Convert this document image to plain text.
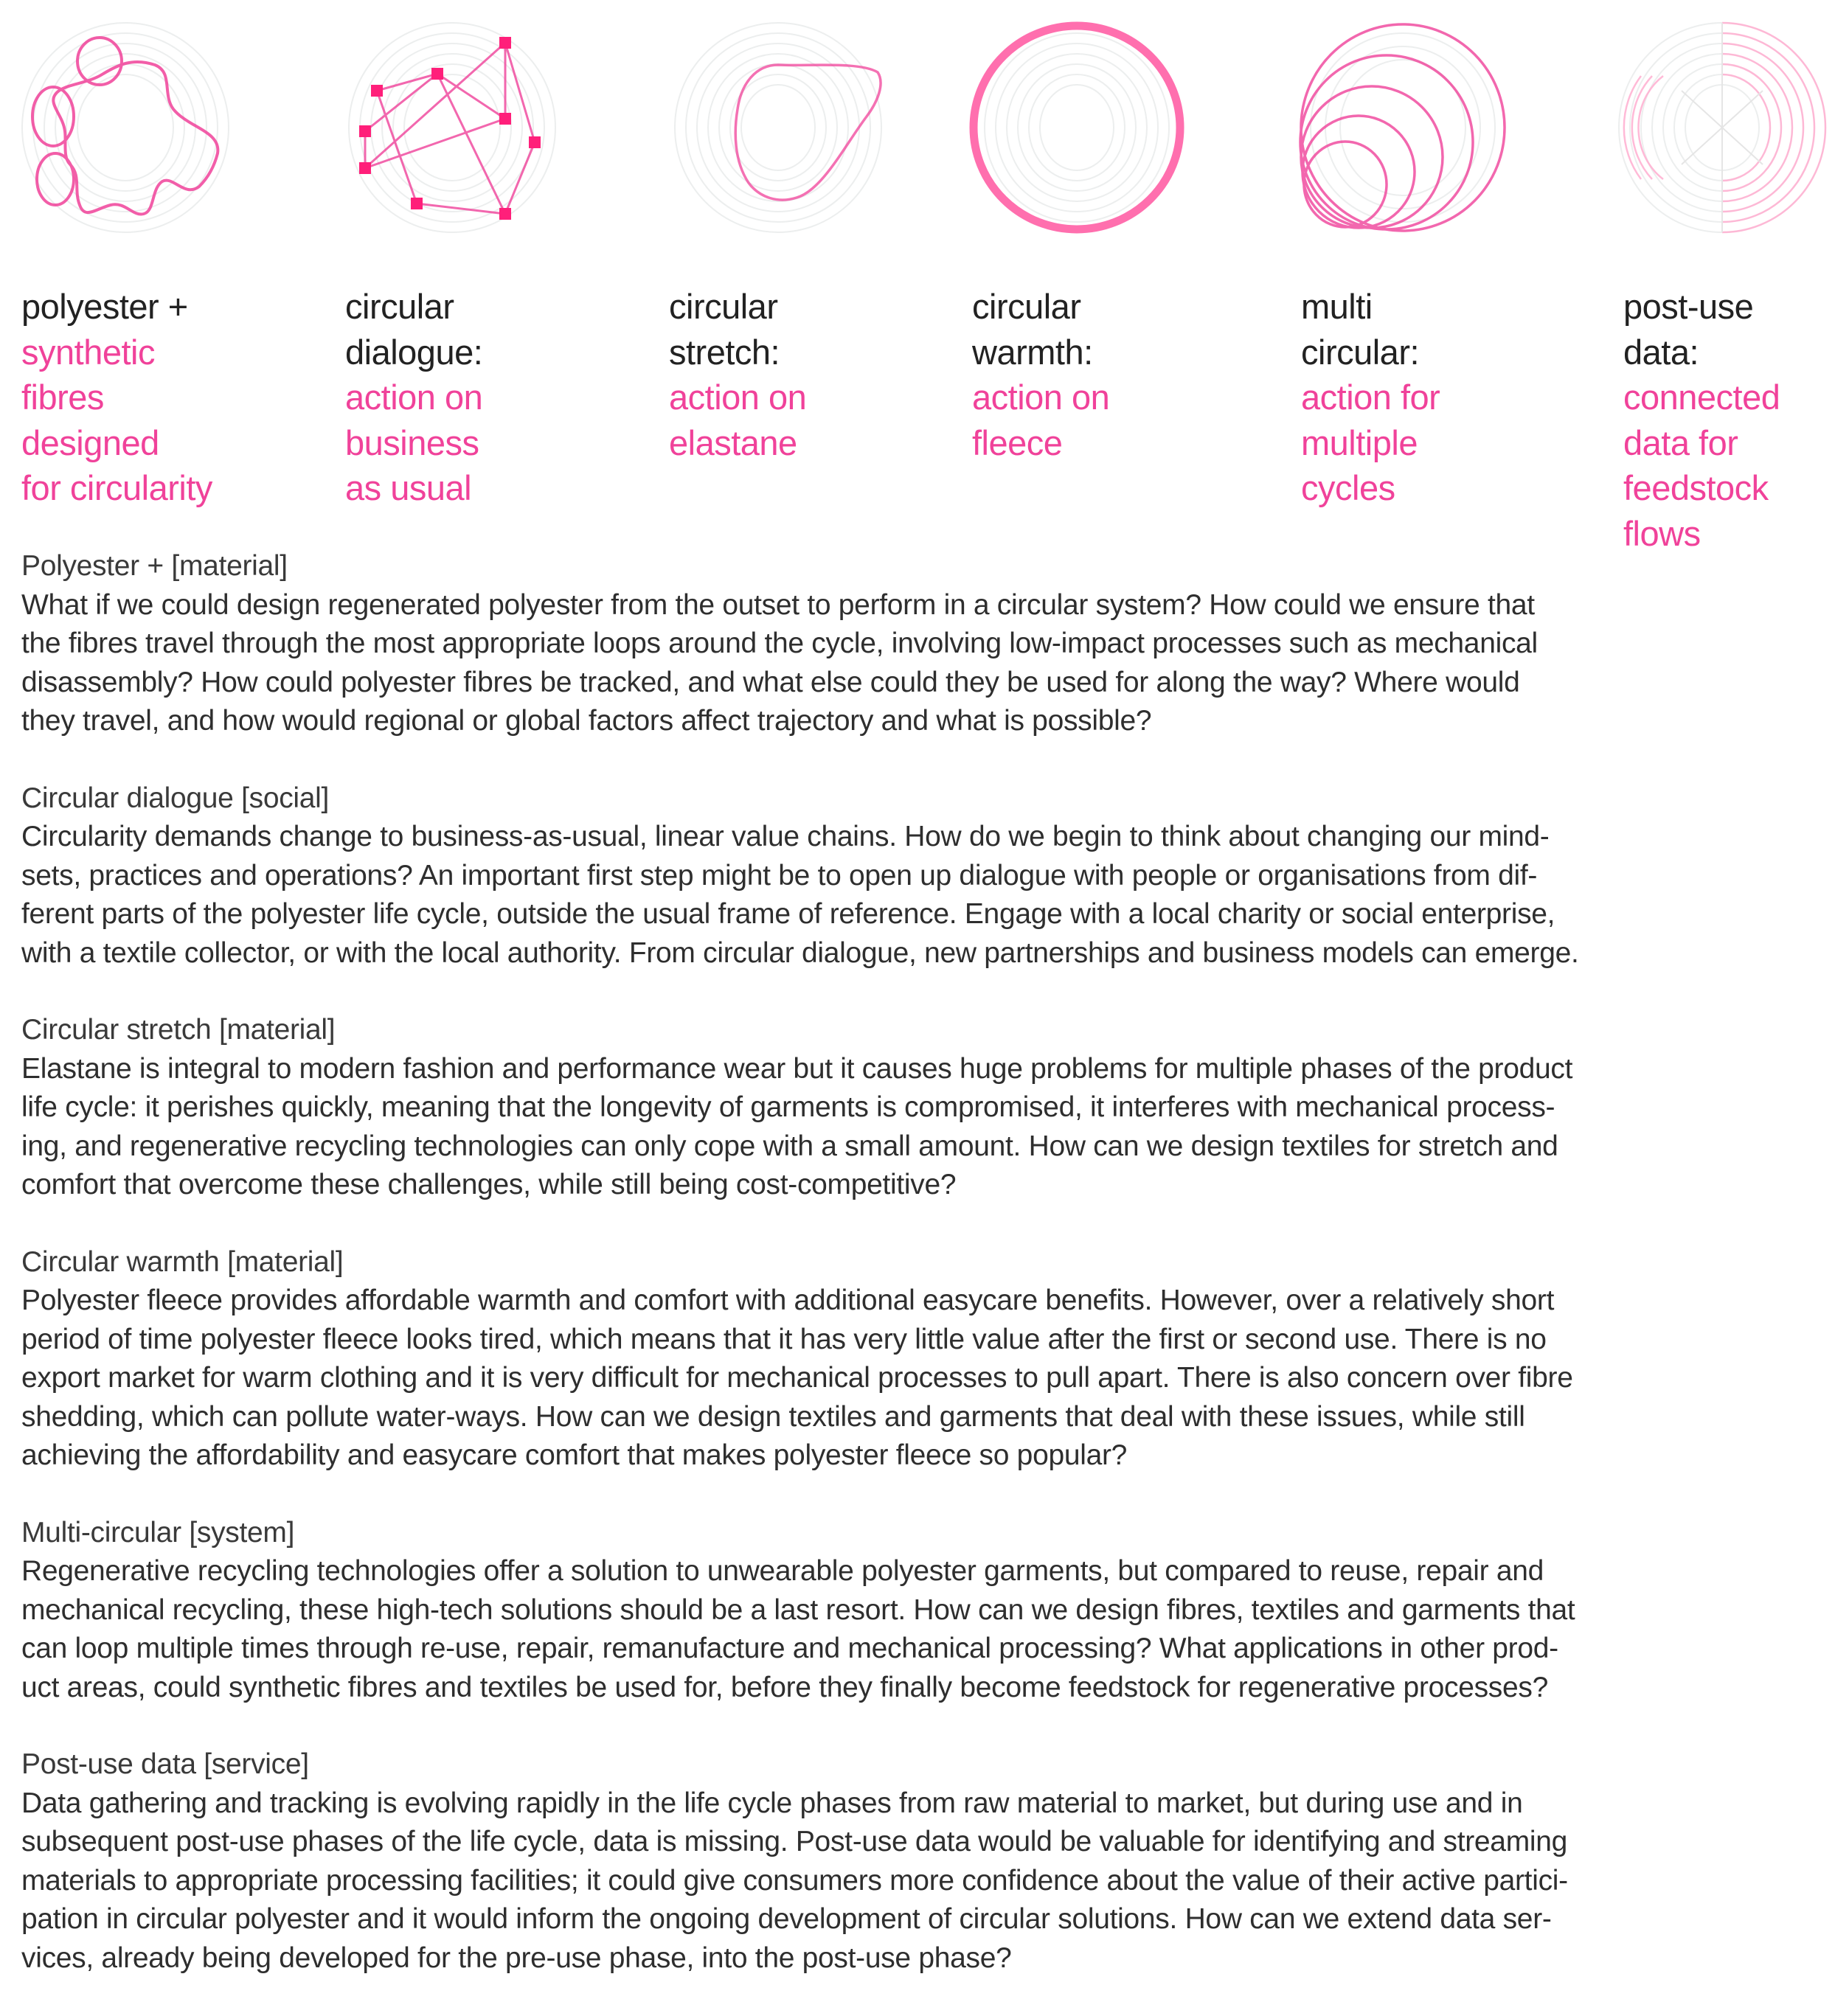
polyester +
synthetic
fibres
designed
for circularity
circular
dialogue:
action on
business
as usual
circular
stretch:
action on
elastane
circular
warmth:
action on
fleece
multi
circular:
action for
multiple
cycles
post-use
data:
connected
data for
feedstock
flows
Polyester + [material]
What if we could design regenerated polyester from the outset to perform in a circular system? How could we ensure that
the fibres travel through the most appropriate loops around the cycle, involving low-impact processes such as mechanical
disassembly? How could polyester fibres be tracked, and what else could they be used for along the way? Where would
they travel, and how would regional or global factors affect trajectory and what is possible?
Circular dialogue [social]
Circularity demands change to business-as-usual, linear value chains. How do we begin to think about changing our mind-
sets, practices and operations? An important first step might be to open up dialogue with people or organisations from dif-
ferent parts of the polyester life cycle, outside the usual frame of reference. Engage with a local charity or social enterprise,
with a textile collector, or with the local authority. From circular dialogue, new partnerships and business models can emerge.
Circular stretch [material]
Elastane is integral to modern fashion and performance wear but it causes huge problems for multiple phases of the product
life cycle: it perishes quickly, meaning that the longevity of garments is compromised, it interferes with mechanical process-
ing, and regenerative recycling technologies can only cope with a small amount. How can we design textiles for stretch and
comfort that overcome these challenges, while still being cost-competitive?
Circular warmth [material]
Polyester fleece provides affordable warmth and comfort with additional easycare benefits. However, over a relatively short
period of time polyester fleece looks tired, which means that it has very little value after the first or second use. There is no
export market for warm clothing and it is very difficult for mechanical processes to pull apart. There is also concern over fibre
shedding, which can pollute water-ways. How can we design textiles and garments that deal with these issues, while still
achieving the affordability and easycare comfort that makes polyester fleece so popular?
Multi-circular [system]
Regenerative recycling technologies offer a solution to unwearable polyester garments, but compared to reuse, repair and
mechanical recycling, these high-tech solutions should be a last resort. How can we design fibres, textiles and garments that
can loop multiple times through re-use, repair, remanufacture and mechanical processing? What applications in other prod-
uct areas, could synthetic fibres and textiles be used for, before they finally become feedstock for regenerative processes?
Post-use data [service]
Data gathering and tracking is evolving rapidly in the life cycle phases from raw material to market, but during use and in
subsequent post-use phases of the life cycle, data is missing. Post-use data would be valuable for identifying and streaming
materials to appropriate processing facilities; it could give consumers more confidence about the value of their active partici-
pation in circular polyester and it would inform the ongoing development of circular solutions. How can we extend data ser-
vices, already being developed for the pre-use phase, into the post-use phase?
